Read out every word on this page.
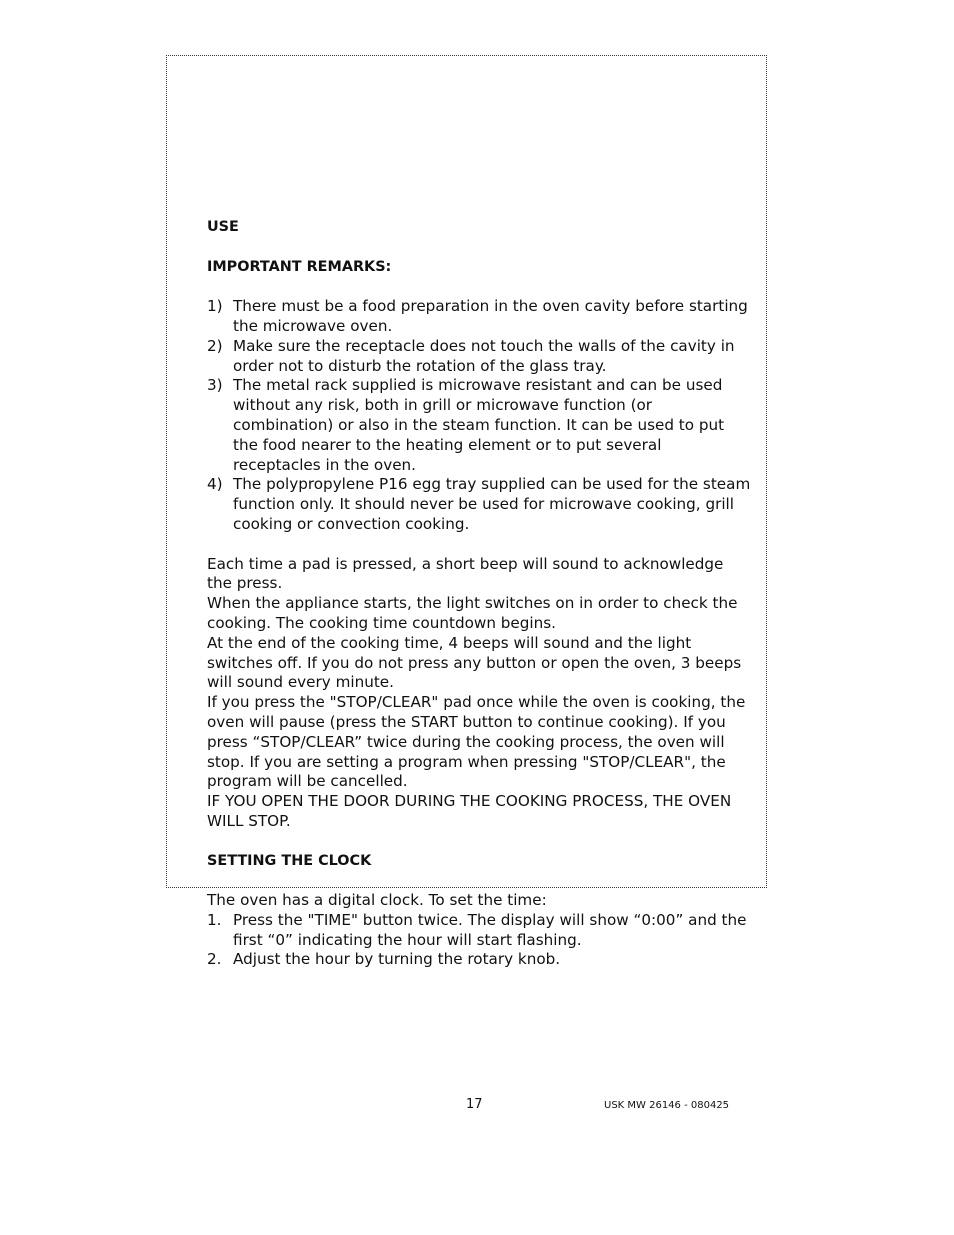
USE

IMPORTANT REMARKS:

1) There must be a food preparation in the oven cavity before starting the microwave oven.
2) Make sure the receptacle does not touch the walls of the cavity in order not to disturb the rotation of the glass tray.
3) The metal rack supplied is microwave resistant and can be used without any risk, both in grill or microwave function (or combination) or also in the steam function. It can be used to put the food nearer to the heating element or to put several receptacles in the oven.
4) The polypropylene P16 egg tray supplied can be used for the steam function only. It should never be used for microwave cooking, grill cooking or convection cooking.

Each time a pad is pressed, a short beep will sound to acknowledge the press.

When the appliance starts, the light switches on in order to check the cooking. The cooking time countdown begins.

At the end of the cooking time, 4 beeps will sound and the light switches off. If you do not press any button or open the oven, 3 beeps will sound every minute.

If you press the "STOP/CLEAR" pad once while the oven is cooking, the oven will pause (press the START button to continue cooking). If you press “STOP/CLEAR” twice during the cooking process, the oven will stop. If you are setting a program when pressing "STOP/CLEAR", the program will be cancelled.

IF YOU OPEN THE DOOR DURING THE COOKING PROCESS, THE OVEN WILL STOP.

SETTING THE CLOCK

The oven has a digital clock. To set the time:

1. Press the "TIME" button twice. The display will show “0:00” and the first “0” indicating the hour will start flashing.
2. Adjust the hour by turning the rotary knob.
17	USK MW 26146 - 080425
